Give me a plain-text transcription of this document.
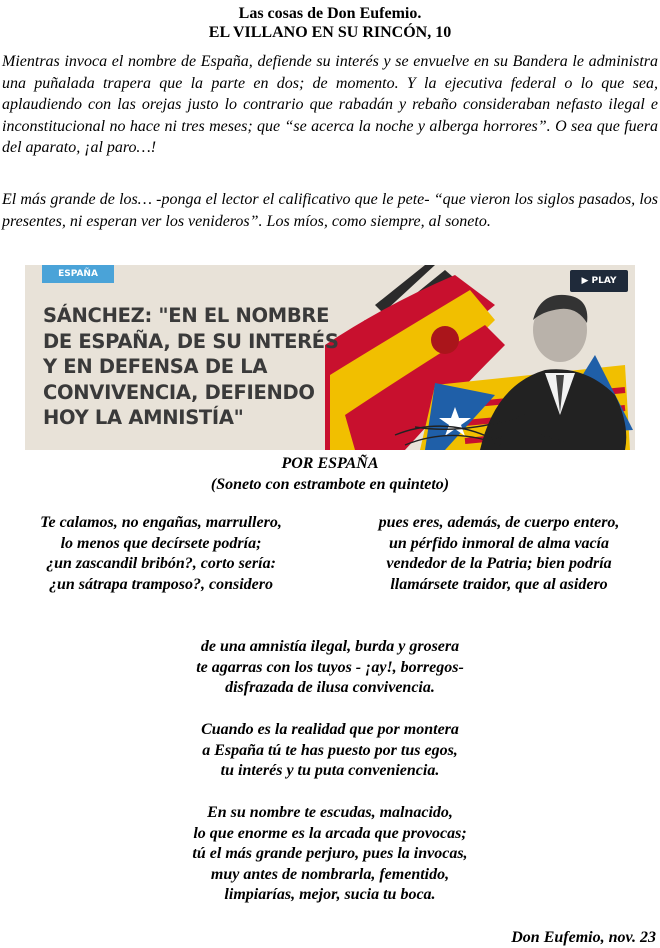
Las cosas de Don Eufemio.
EL VILLANO EN SU RINCÓN, 10

Mientras invoca el nombre de España, defiende su interés y se envuelve en su Bandera le administra una puñalada trapera que la parte en dos; de momento. Y la ejecutiva federal o lo que sea, aplaudiendo con las orejas justo lo contrario que rabadán y rebaño consideraban nefasto ilegal e inconstitucional no hace ni tres meses; que “se acerca la noche y alberga horrores”. O sea que fuera del aparato, ¡al paro…!

El más grande de los… -ponga el lector el calificativo que le pete- “que vieron los siglos pasados, los presentes, ni esperan ver los venideros”. Los míos, como siempre, al soneto.

ESPAÑA
SÁNCHEZ: "EN EL NOMBRE DE ESPAÑA, DE SU INTERÉS Y EN DEFENSA DE LA CONVIVENCIA, DEFIENDO HOY LA AMNISTÍA"
▶ PLAY
POR ESPAÑA
(Soneto con estrambote en quinteto)
Te calamos, no engañas, marrullero,
lo menos que decírsete podría;
¿un zascandil bribón?, corto sería:
¿un sátrapa tramposo?, considero
pues eres, además, de cuerpo entero,
un pérfido inmoral de alma vacía
vendedor de la Patria; bien podría
llamársete traidor, que al asidero
de una amnistía ilegal, burda y grosera
te agarras con los tuyos - ¡ay!, borregos-
disfrazada de ilusa convivencia.
Cuando es la realidad que por montera
a España tú te has puesto por tus egos,
tu interés y tu puta conveniencia.
En su nombre te escudas, malnacido,
lo que enorme es la arcada que provocas;
tú el más grande perjuro, pues la invocas,
muy antes de nombrarla, fementido,
limpiarías, mejor, sucia tu boca.
Don Eufemio, nov. 23
